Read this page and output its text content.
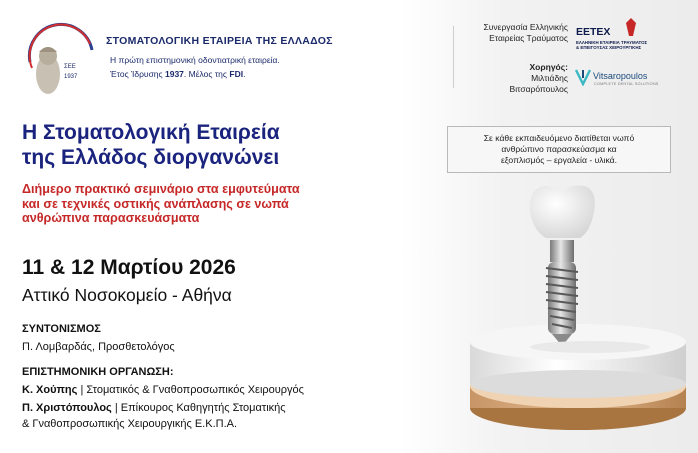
ΣΕΕ
1937
ΣΤΟΜΑΤΟΛΟΓΙΚΗ ΕΤΑΙΡΕΙΑ ΤΗΣ ΕΛΛΑΔΟΣ
Η πρώτη επιστημονική οδοντιατρική εταιρεία.
Έτος Ίδρυσης 1937. Μέλος της FDI.
Συνεργασία Ελληνικής
Εταιρείας Τραύματος EETEX
ΕΛΛΗΝΙΚΗ ΕΤΑΙΡΕΙΑ ΤΡΑΥΜΑΤΟΣ
& ΕΠΕΙΓΟΥΣΑΣ ΧΕΙΡΟΥΡΓΙΚΗΣ
Χορηγός:
Μιλτιάδης
Βιτσαρόπουλος
Vitsaropoulos
COMPLETE DENTAL SOLUTIONS
Η Στοματολογική Εταιρεία
της Ελλάδος διοργανώνει
Διήμερο πρακτικό σεμινάριο στα εμφυτεύματα
και σε τεχνικές οστικής ανάπλασης σε νωπά
ανθρώπινα παρασκευάσματα
11 & 12 Μαρτίου 2026
Αττικό Νοσοκομείο - Αθήνα
ΣΥΝΤΟΝΙΣΜΟΣ
Π. Λομβαρδάς, Προσθετολόγος
ΕΠΙΣΤΗΜΟΝΙΚΗ ΟΡΓΑΝΩΣΗ:
Κ. Χούπης | Στοματικός & Γναθοπροσωπικός Χειρουργός
Π. Χριστόπουλος | Επίκουρος Καθηγητής Στοματικής
& Γναθοπροσωπικής Χειρουργικής Ε.Κ.Π.Α.
Σε κάθε εκπαιδευόμενο διατίθεται νωπό
ανθρώπινο παρασκεύασμα κα
εξοπλισμός – εργαλεία - υλικά.
